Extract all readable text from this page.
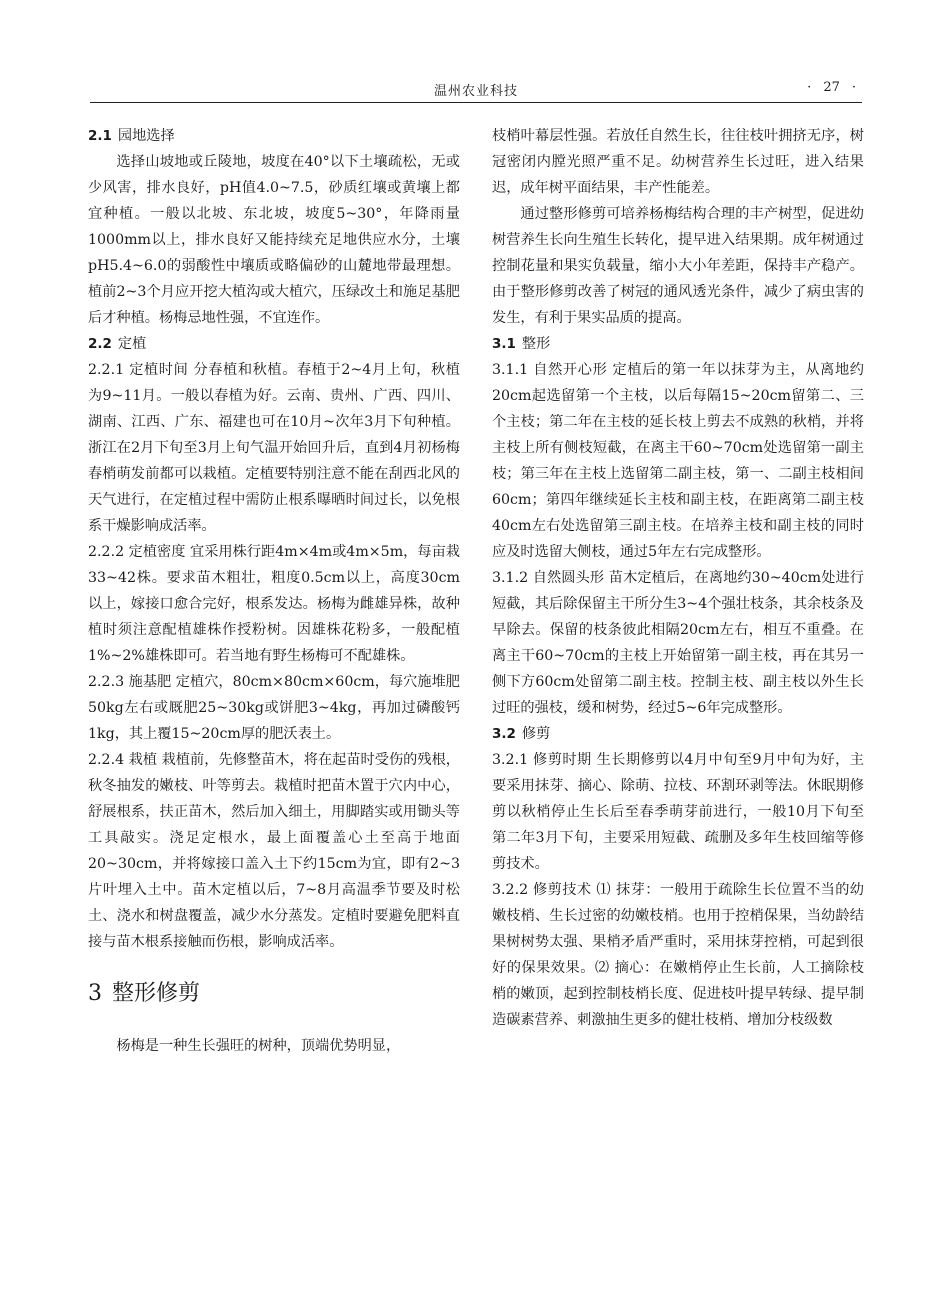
温州农业科技	· 27 ·
2.1 园地选择

选择山坡地或丘陵地，坡度在40°以下土壤疏松，无或少风害，排水良好，pH值4.0~7.5，砂质红壤或黄壤上都宜种植。一般以北坡、东北坡，坡度5~30°，年降雨量1000mm以上，排水良好又能持续充足地供应水分，土壤pH5.4~6.0的弱酸性中壤质或略偏砂的山麓地带最理想。植前2~3个月应开挖大植沟或大植穴，压绿改土和施足基肥后才种植。杨梅忌地性强，不宜连作。

2.2 定植

2.2.1 定植时间 分春植和秋植。春植于2~4月上旬，秋植为9~11月。一般以春植为好。云南、贵州、广西、四川、湖南、江西、广东、福建也可在10月~次年3月下旬种植。浙江在2月下旬至3月上旬气温开始回升后，直到4月初杨梅春梢萌发前都可以栽植。定植要特别注意不能在刮西北风的天气进行，在定植过程中需防止根系曝晒时间过长，以免根系干燥影响成活率。

2.2.2 定植密度 宜采用株行距4m×4m或4m×5m，每亩栽33~42株。要求苗木粗壮，粗度0.5cm以上，高度30cm以上，嫁接口愈合完好，根系发达。杨梅为雌雄异株，故种植时须注意配植雄株作授粉树。因雄株花粉多，一般配植1%~2%雄株即可。若当地有野生杨梅可不配雄株。

2.2.3 施基肥 定植穴，80cm×80cm×60cm，每穴施堆肥50kg左右或厩肥25~30kg或饼肥3~4kg，再加过磷酸钙1kg，其上覆15~20cm厚的肥沃表土。

2.2.4 栽植 栽植前，先修整苗木，将在起苗时受伤的残根，秋冬抽发的嫩枝、叶等剪去。栽植时把苗木置于穴内中心，舒展根系，扶正苗木，然后加入细土，用脚踏实或用锄头等工具敲实。浇足定根水，最上面覆盖心土至高于地面20~30cm，并将嫁接口盖入土下约15cm为宜，即有2~3片叶埋入土中。苗木定植以后，7~8月高温季节要及时松土、浇水和树盘覆盖，减少水分蒸发。定植时要避免肥料直接与苗木根系接触而伤根，影响成活率。

3 整形修剪

杨梅是一种生长强旺的树种，顶端优势明显，

枝梢叶幕层性强。若放任自然生长，往往枝叶拥挤无序，树冠密闭内膛光照严重不足。幼树营养生长过旺，进入结果迟，成年树平面结果，丰产性能差。

通过整形修剪可培养杨梅结构合理的丰产树型，促进幼树营养生长向生殖生长转化，提早进入结果期。成年树通过控制花量和果实负载量，缩小大小年差距，保持丰产稳产。由于整形修剪改善了树冠的通风透光条件，减少了病虫害的发生，有利于果实品质的提高。

3.1 整形

3.1.1 自然开心形 定植后的第一年以抹芽为主，从离地约20cm起选留第一个主枝，以后每隔15~20cm留第二、三个主枝；第二年在主枝的延长枝上剪去不成熟的秋梢，并将主枝上所有侧枝短截，在离主干60~70cm处选留第一副主枝；第三年在主枝上选留第二副主枝，第一、二副主枝相间60cm；第四年继续延长主枝和副主枝，在距离第二副主枝40cm左右处选留第三副主枝。在培养主枝和副主枝的同时应及时选留大侧枝，通过5年左右完成整形。

3.1.2 自然圆头形 苗木定植后，在离地约30~40cm处进行短截，其后除保留主干所分生3~4个强壮枝条，其余枝条及早除去。保留的枝条彼此相隔20cm左右，相互不重叠。在离主干60~70cm的主枝上开始留第一副主枝，再在其另一侧下方60cm处留第二副主枝。控制主枝、副主枝以外生长过旺的强枝，缓和树势，经过5~6年完成整形。

3.2 修剪

3.2.1 修剪时期 生长期修剪以4月中旬至9月中旬为好，主要采用抹芽、摘心、除萌、拉枝、环割环剥等法。休眠期修剪以秋梢停止生长后至春季萌芽前进行，一般10月下旬至第二年3月下旬，主要采用短截、疏删及多年生枝回缩等修剪技术。

3.2.2 修剪技术 ⑴ 抹芽：一般用于疏除生长位置不当的幼嫩枝梢、生长过密的幼嫩枝梢。也用于控梢保果，当幼龄结果树树势太强、果梢矛盾严重时，采用抹芽控梢，可起到很好的保果效果。⑵ 摘心：在嫩梢停止生长前，人工摘除枝梢的嫩顶，起到控制枝梢长度、促进枝叶提早转绿、提早制造碳素营养、刺激抽生更多的健壮枝梢、增加分枝级数
